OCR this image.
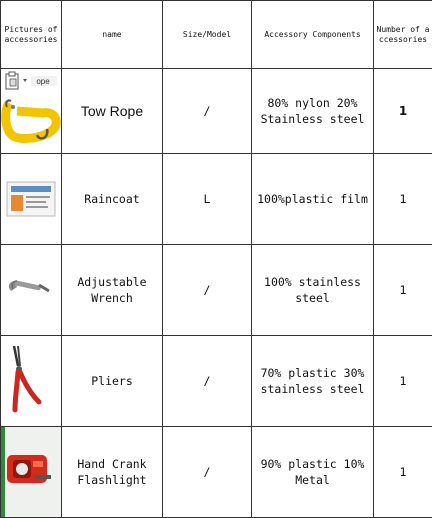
Pictures of accessories	name	Size/Model	Accessory Components	Number of accessories

ope	Tow Rope	/	80% nylon 20% Stainless steel	1

	Raincoat	L	100%plastic film	1

	Adjustable Wrench	/	100% stainless steel	1

	Pliers	/	70% plastic 30% stainless steel	1

	Hand Crank Flashlight	/	90% plastic 10% Metal	1
